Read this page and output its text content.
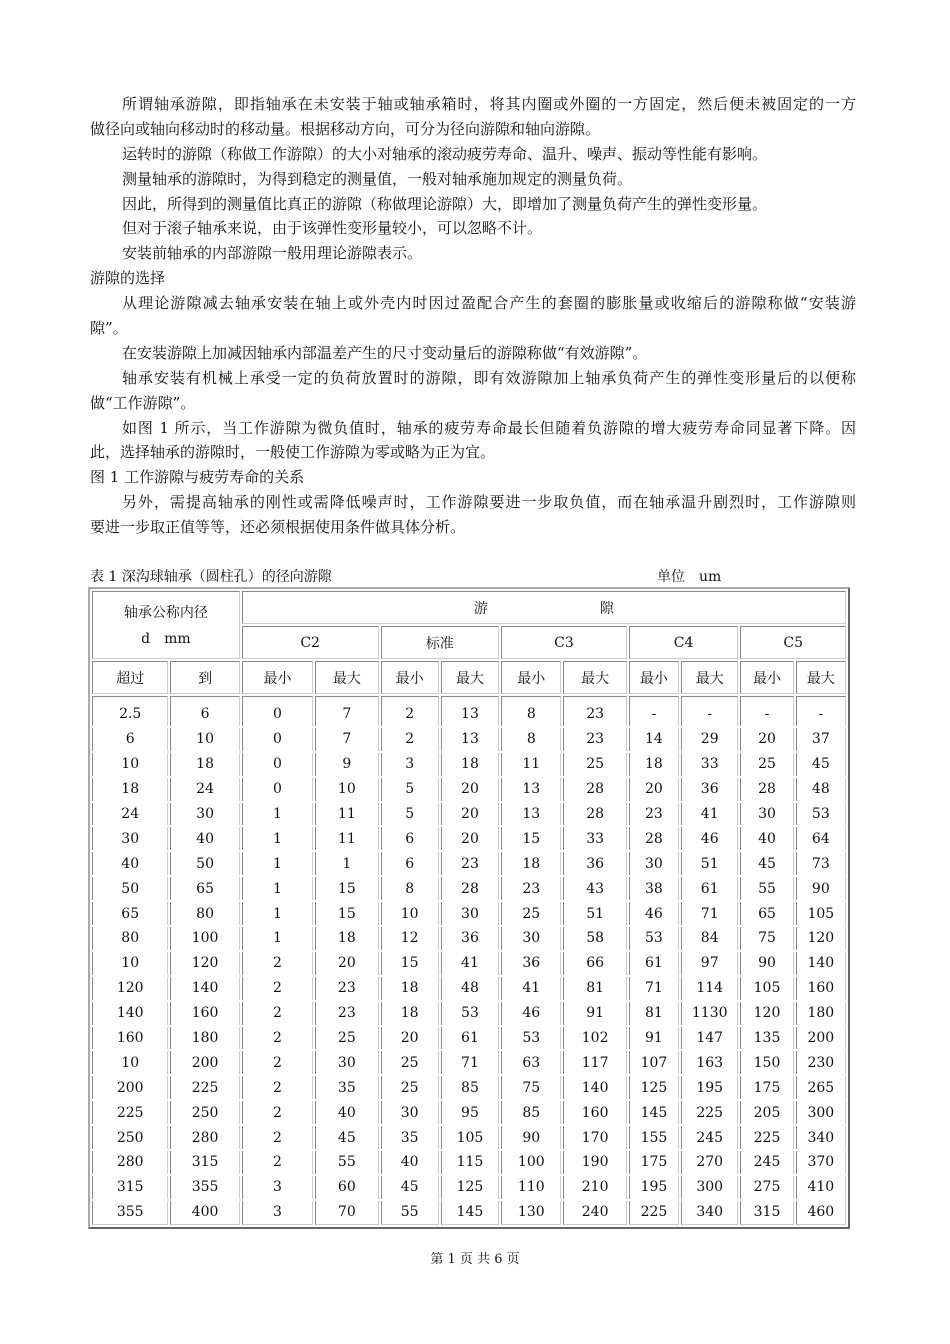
所谓轴承游隙，即指轴承在未安装于轴或轴承箱时，将其内圈或外圈的一方固定，然后便未被固定的一方
做径向或轴向移动时的移动量。根据移动方向，可分为径向游隙和轴向游隙。
运转时的游隙（称做工作游隙）的大小对轴承的滚动疲劳寿命、温升、噪声、振动等性能有影响。
测量轴承的游隙时，为得到稳定的测量值，一般对轴承施加规定的测量负荷。
因此，所得到的测量值比真正的游隙（称做理论游隙）大，即增加了测量负荷产生的弹性变形量。
但对于滚子轴承来说，由于该弹性变形量较小，可以忽略不计。
安装前轴承的内部游隙一般用理论游隙表示。
游隙的选择
从理论游隙减去轴承安装在轴上或外壳内时因过盈配合产生的套圈的膨胀量或收缩后的游隙称做“安装游
隙”。
在安装游隙上加减因轴承内部温差产生的尺寸变动量后的游隙称做“有效游隙”。
轴承安装有机械上承受一定的负荷放置时的游隙，即有效游隙加上轴承负荷产生的弹性变形量后的以便称
做“工作游隙”。
如图 1 所示，当工作游隙为微负值时，轴承的疲劳寿命最长但随着负游隙的增大疲劳寿命同显著下降。因
此，选择轴承的游隙时，一般使工作游隙为零或略为正为宜。
图 1 工作游隙与疲劳寿命的关系
另外，需提高轴承的刚性或需降低噪声时，工作游隙要进一步取负值，而在轴承温升剧烈时，工作游隙则
要进一步取正值等等，还必须根据使用条件做具体分析。
表 1 深沟球轴承（圆柱孔）的径向游隙	单位　um
轴承公称内径
d　mm		游　　　　　　　　隙									
		C2		标准		C3		C4		C5	
超过	到	最小	最大	最小	最大	最小	最大	最小	最大	最小	最大
2.5	6	0	7	2	13	8	23	-	-	-	-
6	10	0	7	2	13	8	23	14	29	20	37
10	18	0	9	3	18	11	25	18	33	25	45
18	24	0	10	5	20	13	28	20	36	28	48
24	30	1	11	5	20	13	28	23	41	30	53
30	40	1	11	6	20	15	33	28	46	40	64
40	50	1	1	6	23	18	36	30	51	45	73
50	65	1	15	8	28	23	43	38	61	55	90
65	80	1	15	10	30	25	51	46	71	65	105
80	100	1	18	12	36	30	58	53	84	75	120
10	120	2	20	15	41	36	66	61	97	90	140
120	140	2	23	18	48	41	81	71	114	105	160
140	160	2	23	18	53	46	91	81	1130	120	180
160	180	2	25	20	61	53	102	91	147	135	200
10	200	2	30	25	71	63	117	107	163	150	230
200	225	2	35	25	85	75	140	125	195	175	265
225	250	2	40	30	95	85	160	145	225	205	300
250	280	2	45	35	105	90	170	155	245	225	340
280	315	2	55	40	115	100	190	175	270	245	370
315	355	3	60	45	125	110	210	195	300	275	410
355	400	3	70	55	145	130	240	225	340	315	460
第 1 页 共 6 页
